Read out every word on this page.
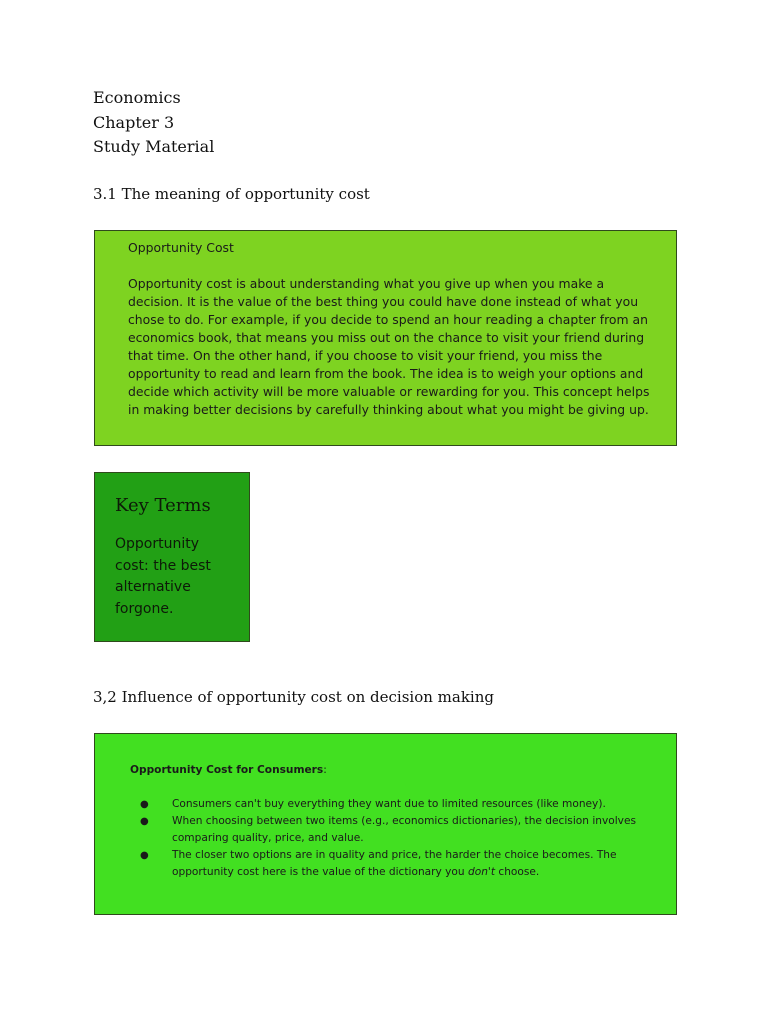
Economics
Chapter 3
Study Material
3.1 The meaning of opportunity cost
Opportunity Cost

Opportunity cost is about understanding what you give up when you make a decision. It is the value of the best thing you could have done instead of what you chose to do. For example, if you decide to spend an hour reading a chapter from an economics book, that means you miss out on the chance to visit your friend during that time. On the other hand, if you choose to visit your friend, you miss the opportunity to read and learn from the book. The idea is to weigh your options and decide which activity will be more valuable or rewarding for you. This concept helps in making better decisions by carefully thinking about what you might be giving up.

Key Terms
Opportunity cost: the best alternative forgone.
3,2 Influence of opportunity cost on decision making
Opportunity Cost for Consumers:
● Consumers can't buy everything they want due to limited resources (like money).
● When choosing between two items (e.g., economics dictionaries), the decision involves comparing quality, price, and value.
● The closer two options are in quality and price, the harder the choice becomes. The opportunity cost here is the value of the dictionary you don't choose.
